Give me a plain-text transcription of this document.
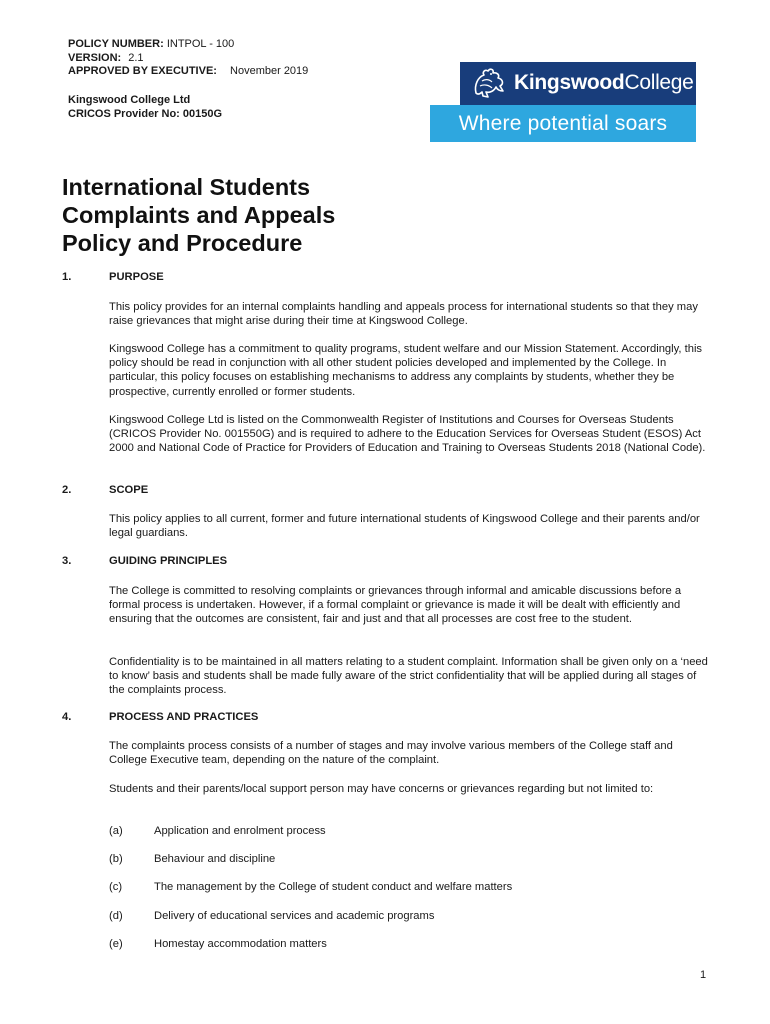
POLICY NUMBER: INTPOL - 100
VERSION: 2.1
APPROVED BY EXECUTIVE: November 2019
Kingswood College Ltd
CRICOS Provider No: 00150G
KingswoodCollege
Where potential soars
International Students
Complaints and Appeals
Policy and Procedure
1.	PURPOSE
This policy provides for an internal complaints handling and appeals process for international students so that they may raise grievances that might arise during their time at Kingswood College.
Kingswood College has a commitment to quality programs, student welfare and our Mission Statement. Accordingly, this policy should be read in conjunction with all other student policies developed and implemented by the College. In particular, this policy focuses on establishing mechanisms to address any complaints by students, whether they be prospective, currently enrolled or former students.
Kingswood College Ltd is listed on the Commonwealth Register of Institutions and Courses for Overseas Students (CRICOS Provider No. 001550G) and is required to adhere to the Education Services for Overseas Student (ESOS) Act 2000 and National Code of Practice for Providers of Education and Training to Overseas Students 2018 (National Code).
2.	SCOPE
This policy applies to all current, former and future international students of Kingswood College and their parents and/or legal guardians.
3.	GUIDING PRINCIPLES
The College is committed to resolving complaints or grievances through informal and amicable discussions before a formal process is undertaken. However, if a formal complaint or grievance is made it will be dealt with efficiently and ensuring that the outcomes are consistent, fair and just and that all processes are cost free to the student.
Confidentiality is to be maintained in all matters relating to a student complaint. Information shall be given only on a ‘need to know’ basis and students shall be made fully aware of the strict confidentiality that will be applied during all stages of the complaints process.
4.	PROCESS AND PRACTICES
The complaints process consists of a number of stages and may involve various members of the College staff and College Executive team, depending on the nature of the complaint.
Students and their parents/local support person may have concerns or grievances regarding but not limited to:
(a)	Application and enrolment process
(b)	Behaviour and discipline
(c)	The management by the College of student conduct and welfare matters
(d)	Delivery of educational services and academic programs
(e)	Homestay accommodation matters
1
